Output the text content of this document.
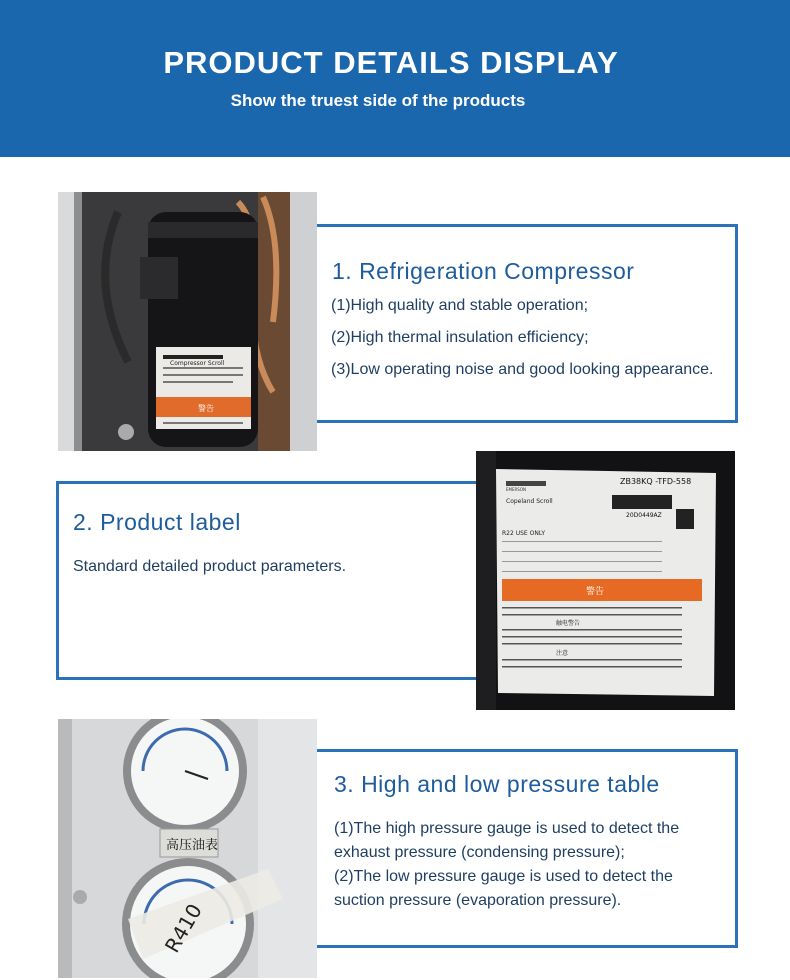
PRODUCT DETAILS DISPLAY
Show the truest side of the products
Compressor Scroll
警告
1. Refrigeration Compressor
(1)High quality and stable operation;
(2)High thermal insulation efficiency;
(3)Low operating noise and good looking appearance.
EMERSON
Copeland Scroll
ZB38KQ -TFD-558
20D0449AZ
R22 USE ONLY
警告
触电警告
注意
2. Product label
Standard detailed product parameters.
高压油表
R410
3. High and low pressure table
(1)The high pressure gauge is used to detect the
exhaust pressure (condensing pressure);
(2)The low pressure gauge is used to detect the
suction pressure (evaporation pressure).
